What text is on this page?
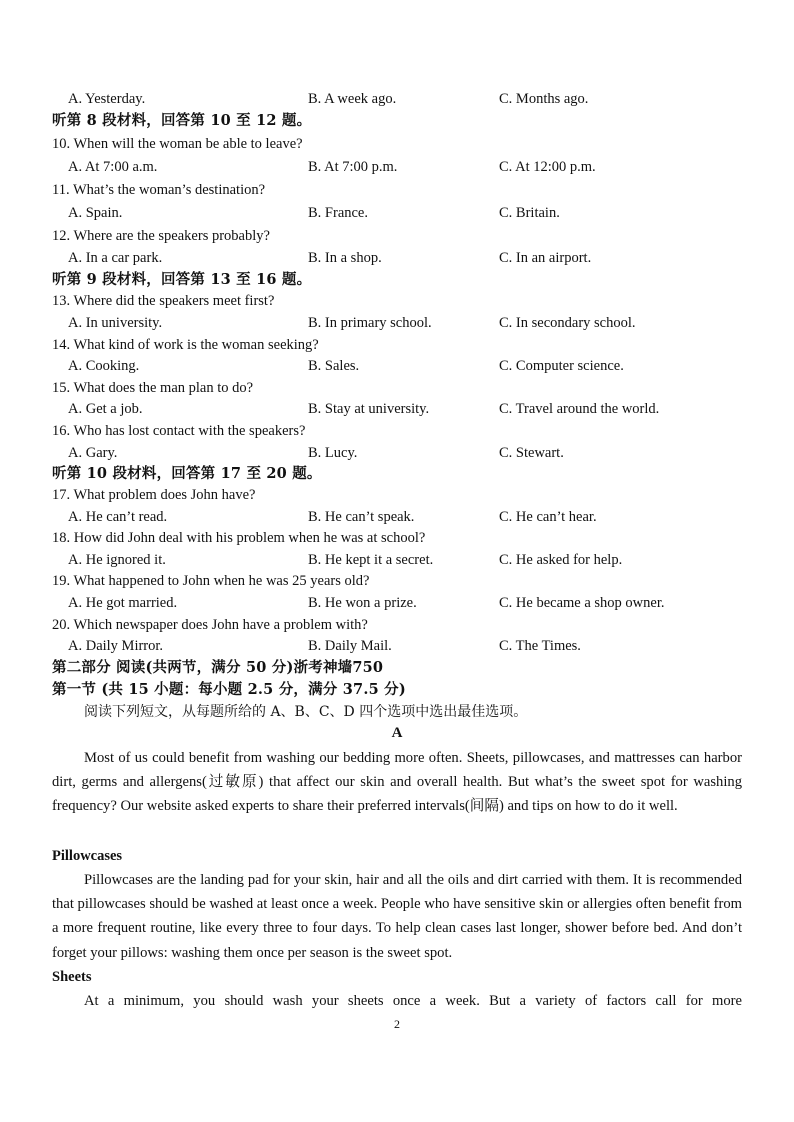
A. Yesterday.	B. A week ago.	C. Months ago.
听第 8 段材料，回答第 10 至 12 题。
10. When will the woman be able to leave?
A. At 7:00 a.m.	B. At 7:00 p.m.	C. At 12:00 p.m.
11. What’s the woman’s destination?
A. Spain.	B. France.	C. Britain.
12. Where are the speakers probably?
A. In a car park.	B. In a shop.	C. In an airport.
听第 9 段材料，回答第 13 至 16 题。
13. Where did the speakers meet first?
A. In university.	B. In primary school.	C. In secondary school.
14. What kind of work is the woman seeking?
A. Cooking.	B. Sales.	C. Computer science.
15. What does the man plan to do?
A. Get a job.	B. Stay at university.	C. Travel around the world.
16. Who has lost contact with the speakers?
A. Gary.	B. Lucy.	C. Stewart.
听第 10 段材料，回答第 17 至 20 题。
17. What problem does John have?
A. He can’t read.	B. He can’t speak.	C. He can’t hear.
18. How did John deal with his problem when he was at school?
A. He ignored it.	B. He kept it a secret.	C. He asked for help.
19. What happened to John when he was 25 years old?
A. He got married.	B. He won a prize.	C. He became a shop owner.
20. Which newspaper does John have a problem with?
A. Daily Mirror.	B. Daily Mail.	C. The Times.
第二部分 阅读(共两节，满分 50 分)浙考神墙750
第一节 (共 15 小题：每小题 2.5 分，满分 37.5 分)
阅读下列短文，从每题所给的 A、B、C、D 四个选项中选出最佳选项。
A

Most of us could benefit from washing our bedding more often. Sheets, pillowcases, and mattresses can harbor dirt, germs and allergens(过敏原) that affect our skin and overall health. But what’s the sweet spot for washing frequency? Our website asked experts to share their preferred intervals(间隔) and tips on how to do it well.

Pillowcases

Pillowcases are the landing pad for your skin, hair and all the oils and dirt carried with them. It is recommended that pillowcases should be washed at least once a week. People who have sensitive skin or allergies often benefit from a more frequent routine, like every three to four days. To help clean cases last longer, shower before bed. And don’t forget your pillows: washing them once per season is the sweet spot.

Sheets

At a minimum, you should wash your sheets once a week. But a variety of factors call for more

2
